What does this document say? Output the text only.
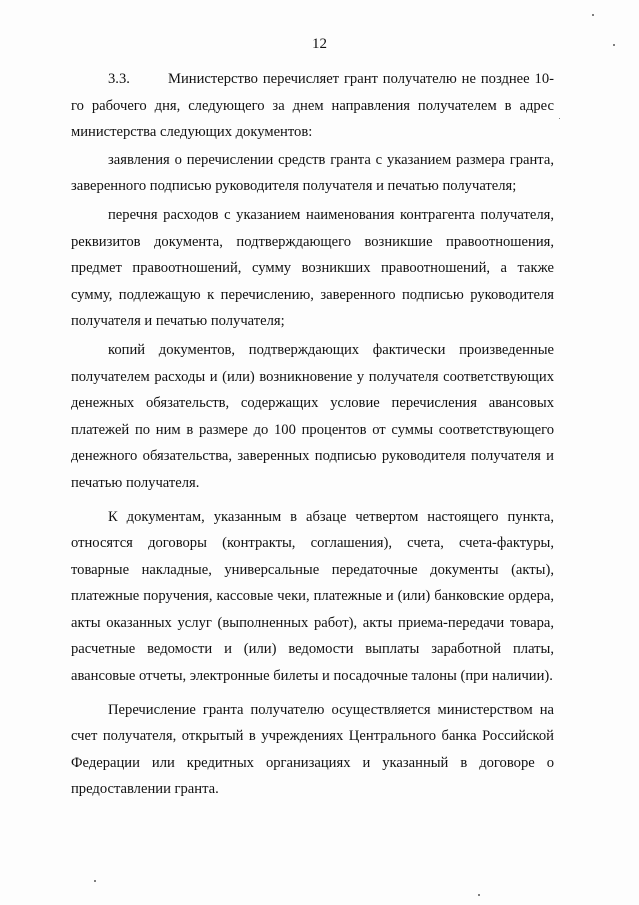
12

3.3.	Министерство перечисляет грант получателю не позднее 10-го рабочего дня, следующего за днем направления получателем в адрес министерства следующих документов:

заявления о перечислении средств гранта с указанием размера гранта, заверенного подписью руководителя получателя и печатью получателя;

перечня расходов с указанием наименования контрагента получателя, реквизитов документа, подтверждающего возникшие правоотношения, предмет правоотношений, сумму возникших правоотношений, а также сумму, подлежащую к перечислению, заверенного подписью руководителя получателя и печатью получателя;

копий документов, подтверждающих фактически произведенные получателем расходы и (или) возникновение у получателя соответствующих денежных обязательств, содержащих условие перечисления авансовых платежей по ним в размере до 100 процентов от суммы соответствующего денежного обязательства, заверенных подписью руководителя получателя и печатью получателя.

К документам, указанным в абзаце четвертом настоящего пункта, относятся договоры (контракты, соглашения), счета, счета-фактуры, товарные накладные, универсальные передаточные документы (акты), платежные поручения, кассовые чеки, платежные и (или) банковские ордера, акты оказанных услуг (выполненных работ), акты приема-передачи товара, расчетные ведомости и (или) ведомости выплаты заработной платы, авансовые отчеты, электронные билеты и посадочные талоны (при наличии).

Перечисление гранта получателю осуществляется министерством на счет получателя, открытый в учреждениях Центрального банка Российской Федерации или кредитных организациях и указанный в договоре о предоставлении гранта.
